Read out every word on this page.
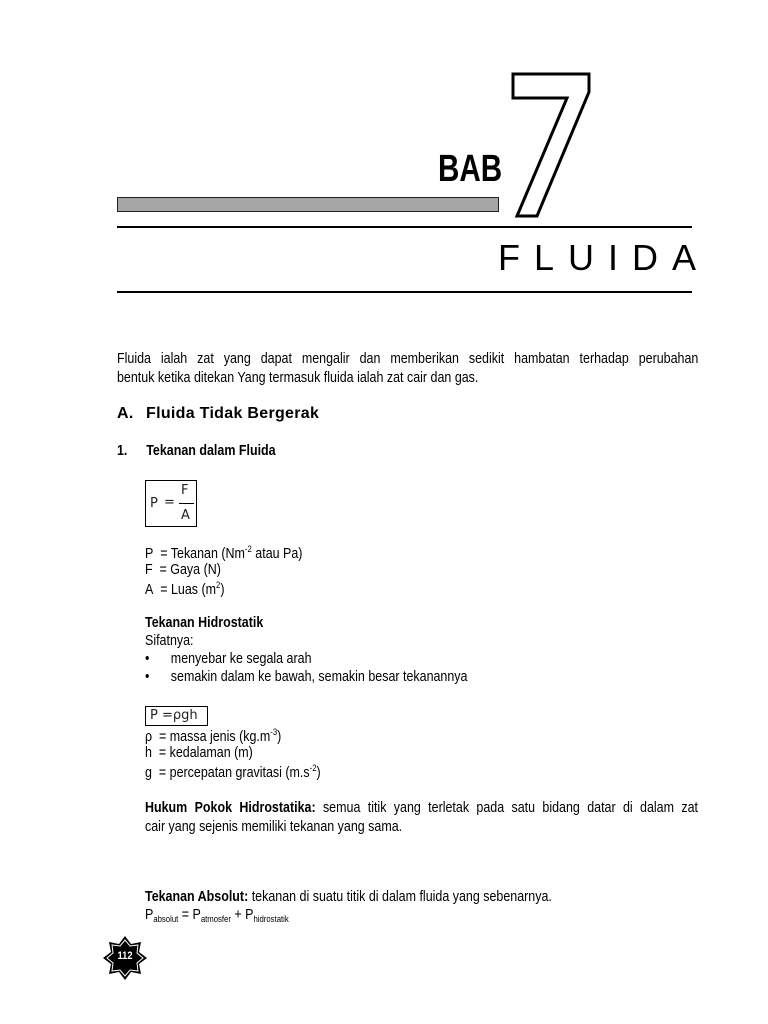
BAB
7
FLUIDA
Fluida ialah zat yang dapat mengalir dan memberikan sedikit hambatan terhadap perubahan
bentuk ketika ditekan Yang termasuk fluida ialah zat cair dan gas.
A. Fluida Tidak Bergerak
1. Tekanan dalam Fluida
P =
F
A
P = Tekanan ($Nm^{-2}$ atau Pa)
F = Gaya (N)
A = Luas $(m^2)$
Tekanan Hidrostatik
Sifatnya:
• menyebar ke segala arah
• semakin dalam ke bawah, semakin besar tekanannya
P =ρgh
ρ = massa jenis $(kg.m^{-3})$
h = kedalaman (m)
g = percepatan gravitasi $(m.s^{-2})$
Hukum Pokok Hidrostatika: semua titik yang terletak pada satu bidang datar di dalam zat
cair yang sejenis memiliki tekanan yang sama.
Tekanan Absolut: tekanan di suatu titik di dalam fluida yang sebenarnya.
$P_{absolut} = P_{atmosfer} + P_{hidrostatik}$
112
